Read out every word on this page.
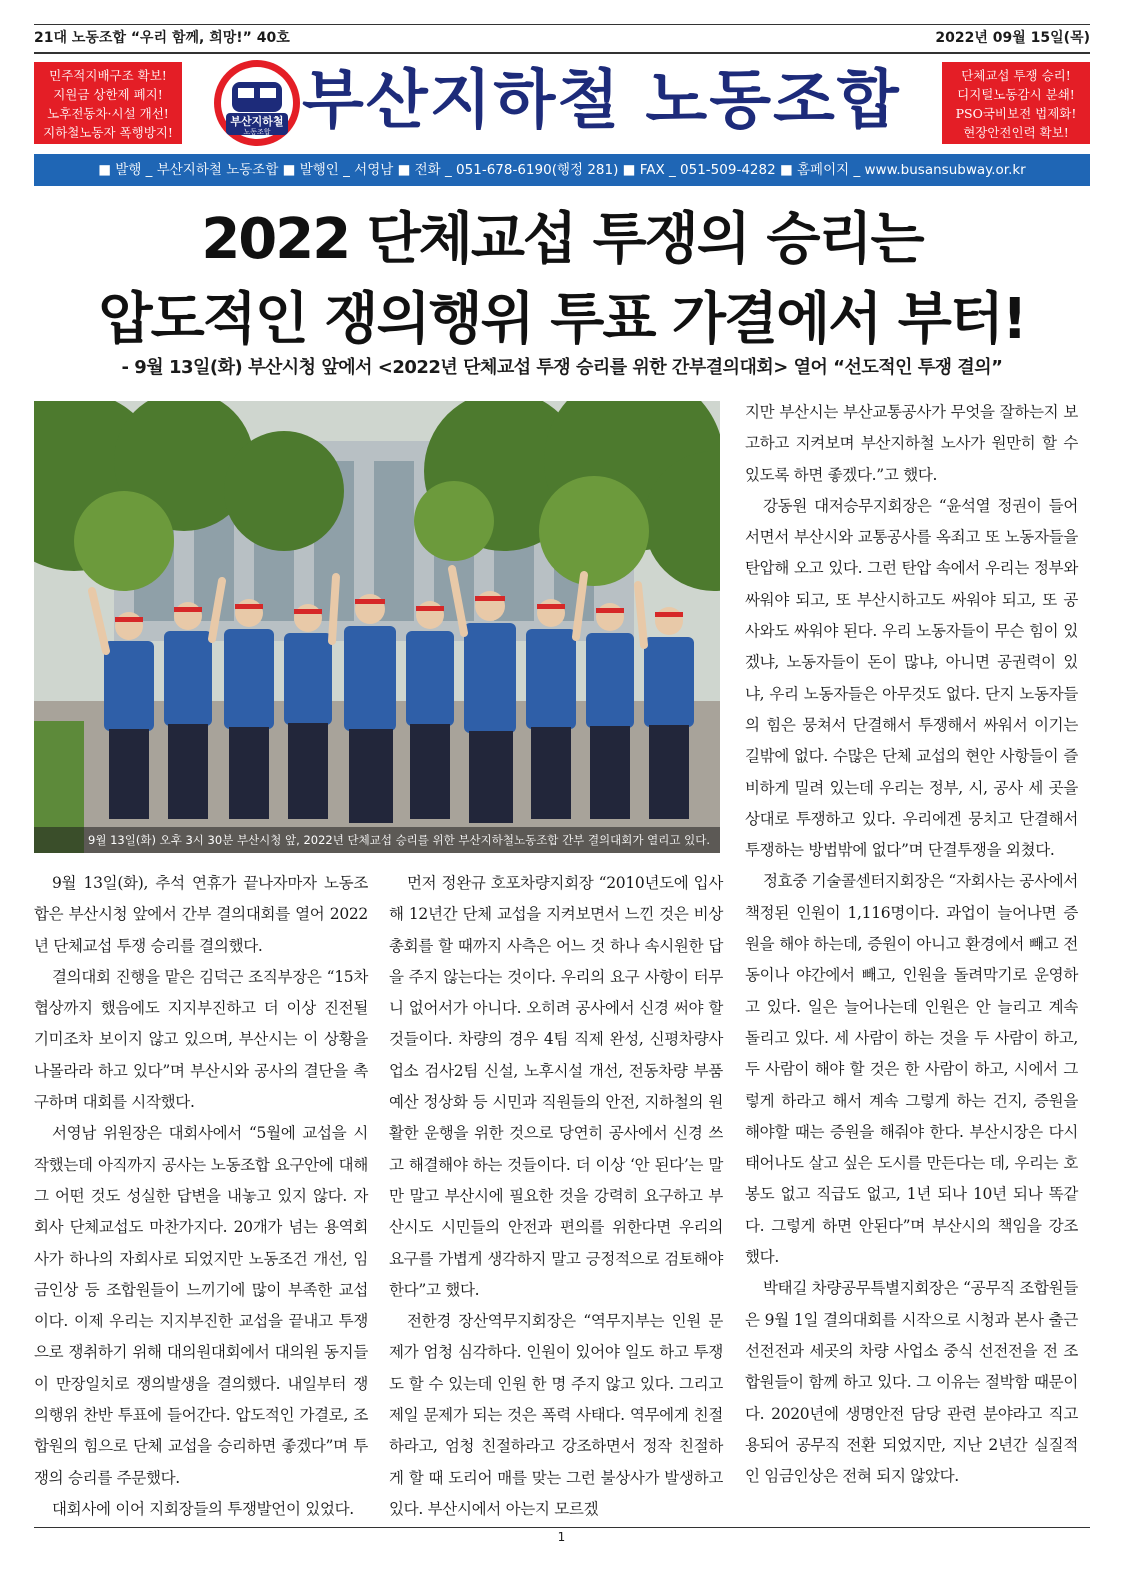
21대 노동조합 “우리 함께, 희망!” 40호	2022년 09월 15일(목)
민주적지배구조 확보!
지원금 상한제 폐지!
노후전동차·시설 개선!
지하철노동자 폭행방지!
부산지하철
노동조합 부산지하철 노동조합	단체교섭 투쟁 승리!
디지털노동감시 분쇄!
PSO국비보전 법제화!
현장안전인력 확보!
■ 발행 _ 부산지하철 노동조합 ■ 발행인 _ 서영남 ■ 전화 _ 051-678-6190(행정 281) ■ FAX _ 051-509-4282 ■ 홈페이지 _ www.busansubway.or.kr
2022 단체교섭 투쟁의 승리는
압도적인 쟁의행위 투표 가결에서 부터!
- 9월 13일(화) 부산시청 앞에서 <2022년 단체교섭 투쟁 승리를 위한 간부결의대회> 열어 “선도적인 투쟁 결의”
9월 13일(화) 오후 3시 30분 부산시청 앞, 2022년 단체교섭 승리를 위한 부산지하철노동조합 간부 결의대회가 열리고 있다.

9월 13일(화), 추석 연휴가 끝나자마자 노동조합은 부산시청 앞에서 간부 결의대회를 열어 2022년 단체교섭 투쟁 승리를 결의했다.

결의대회 진행을 맡은 김덕근 조직부장은 “15차 협상까지 했음에도 지지부진하고 더 이상 진전될 기미조차 보이지 않고 있으며, 부산시는 이 상황을 나몰라라 하고 있다”며 부산시와 공사의 결단을 촉구하며 대회를 시작했다.

서영남 위원장은 대회사에서 “5월에 교섭을 시작했는데 아직까지 공사는 노동조합 요구안에 대해 그 어떤 것도 성실한 답변을 내놓고 있지 않다. 자회사 단체교섭도 마찬가지다. 20개가 넘는 용역회사가 하나의 자회사로 되었지만 노동조건 개선, 임금인상 등 조합원들이 느끼기에 많이 부족한 교섭이다. 이제 우리는 지지부진한 교섭을 끝내고 투쟁으로 쟁취하기 위해 대의원대회에서 대의원 동지들이 만장일치로 쟁의발생을 결의했다. 내일부터 쟁의행위 찬반 투표에 들어간다. 압도적인 가결로, 조합원의 힘으로 단체 교섭을 승리하면 좋겠다”며 투쟁의 승리를 주문했다.

대회사에 이어 지회장들의 투쟁발언이 있었다.

먼저 정완규 호포차량지회장 “2010년도에 입사해 12년간 단체 교섭을 지켜보면서 느낀 것은 비상총회를 할 때까지 사측은 어느 것 하나 속시원한 답을 주지 않는다는 것이다. 우리의 요구 사항이 터무니 없어서가 아니다. 오히려 공사에서 신경 써야 할 것들이다. 차량의 경우 4팀 직제 완성, 신평차량사업소 검사2팀 신설, 노후시설 개선, 전동차량 부품 예산 정상화 등 시민과 직원들의 안전, 지하철의 원활한 운행을 위한 것으로 당연히 공사에서 신경 쓰고 해결해야 하는 것들이다. 더 이상 ‘안 된다’는 말만 말고 부산시에 필요한 것을 강력히 요구하고 부산시도 시민들의 안전과 편의를 위한다면 우리의 요구를 가볍게 생각하지 말고 긍정적으로 검토해야 한다”고 했다.

전한경 장산역무지회장은 “역무지부는 인원 문제가 엄청 심각하다. 인원이 있어야 일도 하고 투쟁도 할 수 있는데 인원 한 명 주지 않고 있다. 그리고 제일 문제가 되는 것은 폭력 사태다. 역무에게 친절하라고, 엄청 친절하라고 강조하면서 정작 친절하게 할 때 도리어 매를 맞는 그런 불상사가 발생하고 있다. 부산시에서 아는지 모르겠

지만 부산시는 부산교통공사가 무엇을 잘하는지 보고하고 지켜보며 부산지하철 노사가 원만히 할 수 있도록 하면 좋겠다.”고 했다.

강동원 대저승무지회장은 “윤석열 정권이 들어서면서 부산시와 교통공사를 옥죄고 또 노동자들을 탄압해 오고 있다. 그런 탄압 속에서 우리는 정부와 싸워야 되고, 또 부산시하고도 싸워야 되고, 또 공사와도 싸워야 된다. 우리 노동자들이 무슨 힘이 있겠냐, 노동자들이 돈이 많냐, 아니면 공권력이 있냐, 우리 노동자들은 아무것도 없다. 단지 노동자들의 힘은 뭉쳐서 단결해서 투쟁해서 싸워서 이기는 길밖에 없다. 수많은 단체 교섭의 현안 사항들이 즐비하게 밀려 있는데 우리는 정부, 시, 공사 세 곳을 상대로 투쟁하고 있다. 우리에겐 뭉치고 단결해서 투쟁하는 방법밖에 없다”며 단결투쟁을 외쳤다.

정효중 기술콜센터지회장은 “자회사는 공사에서 책정된 인원이 1,116명이다. 과업이 늘어나면 증원을 해야 하는데, 증원이 아니고 환경에서 빼고 전동이나 야간에서 빼고, 인원을 돌려막기로 운영하고 있다. 일은 늘어나는데 인원은 안 늘리고 계속 돌리고 있다. 세 사람이 하는 것을 두 사람이 하고, 두 사람이 해야 할 것은 한 사람이 하고, 시에서 그렇게 하라고 해서 계속 그렇게 하는 건지, 증원을 해야할 때는 증원을 해줘야 한다. 부산시장은 다시 태어나도 살고 싶은 도시를 만든다는 데, 우리는 호봉도 없고 직급도 없고, 1년 되나 10년 되나 똑같다. 그렇게 하면 안된다”며 부산시의 책임을 강조했다.

박태길 차량공무특별지회장은 “공무직 조합원들은 9월 1일 결의대회를 시작으로 시청과 본사 출근 선전전과 세곳의 차량 사업소 중식 선전전을 전 조합원들이 함께 하고 있다. 그 이유는 절박함 때문이다. 2020년에 생명안전 담당 관련 분야라고 직고용되어 공무직 전환 되었지만, 지난 2년간 실질적인 임금인상은 전혀 되지 않았다.

1
